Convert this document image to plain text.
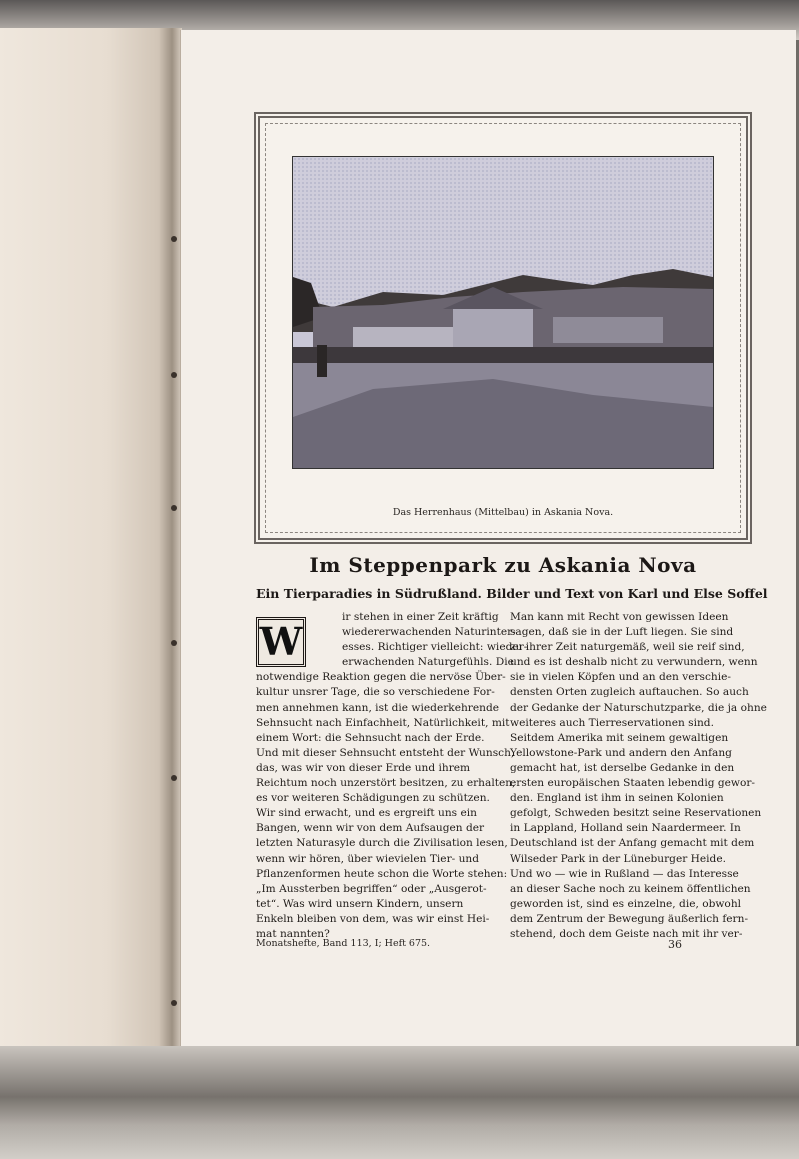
Das Herrenhaus (Mittelbau) in Askania Nova.
Im Steppenpark zu Askania Nova
Ein Tierparadies in Südrußland. Bilder und Text von Karl und Else Soffel
W
ir stehen in einer Zeit kräftig
wiedererwachenden Naturinter-
esses. Richtiger vielleicht: wieder-
erwachenden Naturgefühls. Die
notwendige Reaktion gegen die nervöse Über-
kultur unsrer Tage, die so verschiedene For-
men annehmen kann, ist die wiederkehrende
Sehnsucht nach Einfachheit, Natürlichkeit, mit
einem Wort: die Sehnsucht nach der Erde.
Und mit dieser Sehnsucht entsteht der Wunsch,
das, was wir von dieser Erde und ihrem
Reichtum noch unzerstört besitzen, zu erhalten,
es vor weiteren Schädigungen zu schützen.
Wir sind erwacht, und es ergreift uns ein
Bangen, wenn wir von dem Aufsaugen der
letzten Naturasyle durch die Zivilisation lesen,
wenn wir hören, über wievielen Tier- und
Pflanzenformen heute schon die Worte stehen:
„Im Aussterben begriffen“ oder „Ausgerot-
tet“. Was wird unsern Kindern, unsern
Enkeln bleiben von dem, was wir einst Hei-
mat nannten?
Man kann mit Recht von gewissen Ideen
sagen, daß sie in der Luft liegen. Sie sind
zu ihrer Zeit naturgemäß, weil sie reif sind,
und es ist deshalb nicht zu verwundern, wenn
sie in vielen Köpfen und an den verschie-
densten Orten zugleich auftauchen. So auch
der Gedanke der Naturschutzparke, die ja ohne
weiteres auch Tierreservationen sind.
Seitdem Amerika mit seinem gewaltigen
Yellowstone-Park und andern den Anfang
gemacht hat, ist derselbe Gedanke in den
ersten europäischen Staaten lebendig gewor-
den. England ist ihm in seinen Kolonien
gefolgt, Schweden besitzt seine Reservationen
in Lappland, Holland sein Naardermeer. In
Deutschland ist der Anfang gemacht mit dem
Wilseder Park in der Lüneburger Heide.
Und wo — wie in Rußland — das Interesse
an dieser Sache noch zu keinem öffentlichen
geworden ist, sind es einzelne, die, obwohl
dem Zentrum der Bewegung äußerlich fern-
stehend, doch dem Geiste nach mit ihr ver-
Monatshefte, Band 113, I; Heft 675.	36
